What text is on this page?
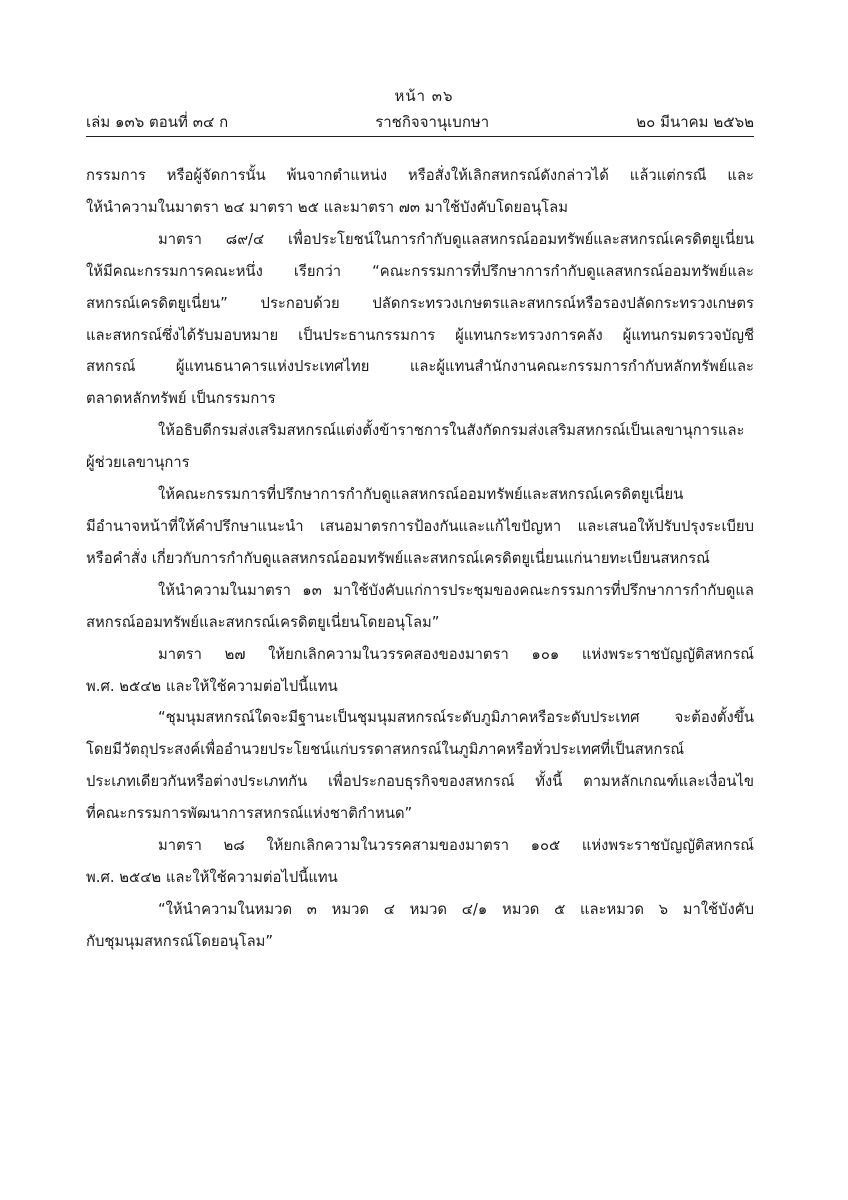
หน้า ๓๖
เล่ม ๑๓๖ ตอนที่ ๓๔ ก	ราชกิจจานุเบกษา	๒๐ มีนาคม ๒๕๖๒
กรรมการ หรือผู้จัดการนั้น พ้นจากตำแหน่ง หรือสั่งให้เลิกสหกรณ์ดังกล่าวได้ แล้วแต่กรณี และ
ให้นำความในมาตรา ๒๔ มาตรา ๒๕ และมาตรา ๗๓ มาใช้บังคับโดยอนุโลม
มาตรา ๘๙/๔ เพื่อประโยชน์ในการกำกับดูแลสหกรณ์ออมทรัพย์และสหกรณ์เครดิตยูเนี่ยน
ให้มีคณะกรรมการคณะหนึ่ง เรียกว่า “คณะกรรมการที่ปรึกษาการกำกับดูแลสหกรณ์ออมทรัพย์และ
สหกรณ์เครดิตยูเนี่ยน” ประกอบด้วย ปลัดกระทรวงเกษตรและสหกรณ์หรือรองปลัดกระทรวงเกษตร
และสหกรณ์ซึ่งได้รับมอบหมาย เป็นประธานกรรมการ ผู้แทนกระทรวงการคลัง ผู้แทนกรมตรวจบัญชี
สหกรณ์ ผู้แทนธนาคารแห่งประเทศไทย และผู้แทนสำนักงานคณะกรรมการกำกับหลักทรัพย์และ
ตลาดหลักทรัพย์ เป็นกรรมการ
ให้อธิบดีกรมส่งเสริมสหกรณ์แต่งตั้งข้าราชการในสังกัดกรมส่งเสริมสหกรณ์เป็นเลขานุการและ
ผู้ช่วยเลขานุการ
ให้คณะกรรมการที่ปรึกษาการกำกับดูแลสหกรณ์ออมทรัพย์และสหกรณ์เครดิตยูเนี่ยน
มีอำนาจหน้าที่ให้คำปรึกษาแนะนำ เสนอมาตรการป้องกันและแก้ไขปัญหา และเสนอให้ปรับปรุงระเบียบ
หรือคำสั่ง เกี่ยวกับการกำกับดูแลสหกรณ์ออมทรัพย์และสหกรณ์เครดิตยูเนี่ยนแก่นายทะเบียนสหกรณ์
ให้นำความในมาตรา ๑๓ มาใช้บังคับแก่การประชุมของคณะกรรมการที่ปรึกษาการกำกับดูแล
สหกรณ์ออมทรัพย์และสหกรณ์เครดิตยูเนี่ยนโดยอนุโลม”
มาตรา ๒๗ ให้ยกเลิกความในวรรคสองของมาตรา ๑๐๑ แห่งพระราชบัญญัติสหกรณ์
พ.ศ. ๒๕๔๒ และให้ใช้ความต่อไปนี้แทน
“ชุมนุมสหกรณ์ใดจะมีฐานะเป็นชุมนุมสหกรณ์ระดับภูมิภาคหรือระดับประเทศ จะต้องตั้งขึ้น
โดยมีวัตถุประสงค์เพื่ออำนวยประโยชน์แก่บรรดาสหกรณ์ในภูมิภาคหรือทั่วประเทศที่เป็นสหกรณ์
ประเภทเดียวกันหรือต่างประเภทกัน เพื่อประกอบธุรกิจของสหกรณ์ ทั้งนี้ ตามหลักเกณฑ์และเงื่อนไข
ที่คณะกรรมการพัฒนาการสหกรณ์แห่งชาติกำหนด”
มาตรา ๒๘ ให้ยกเลิกความในวรรคสามของมาตรา ๑๐๕ แห่งพระราชบัญญัติสหกรณ์
พ.ศ. ๒๕๔๒ และให้ใช้ความต่อไปนี้แทน
“ให้นำความในหมวด ๓ หมวด ๔ หมวด ๔/๑ หมวด ๕ และหมวด ๖ มาใช้บังคับ
กับชุมนุมสหกรณ์โดยอนุโลม”
